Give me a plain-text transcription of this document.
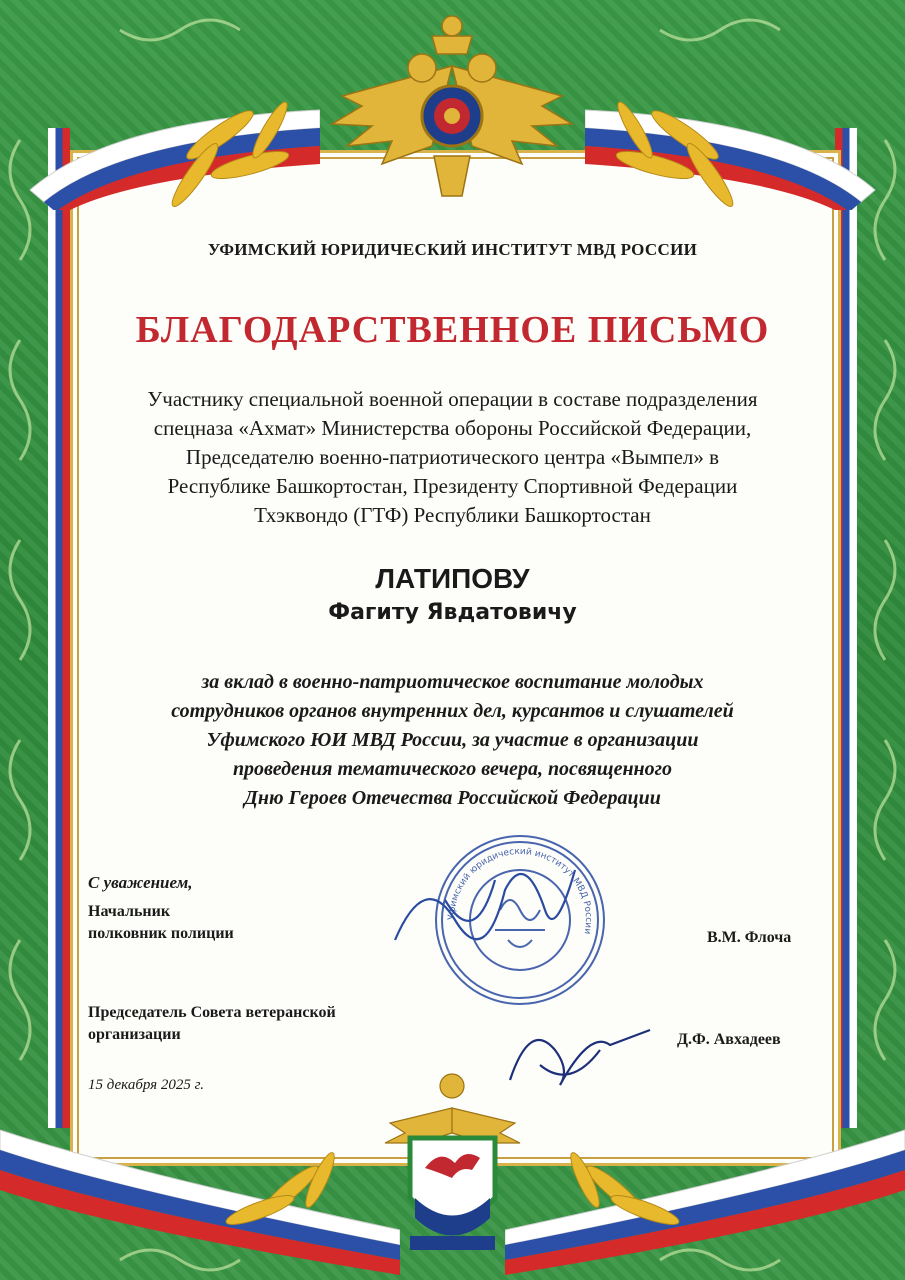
УФИМСКИЙ ЮРИДИЧЕСКИЙ ИНСТИТУТ МВД РОССИИ
БЛАГОДАРСТВЕННОЕ ПИСЬМО
Участнику специальной военной операции в составе подразделения
спецназа «Ахмат» Министерства обороны Российской Федерации,
Председателю военно-патриотического центра «Вымпел» в
Республике Башкортостан, Президенту Спортивной Федерации
Тхэквондо (ГТФ) Республики Башкортостан
ЛАТИПОВУ
Фагиту Явдатовичу
за вклад в военно-патриотическое воспитание молодых
сотрудников органов внутренних дел, курсантов и слушателей
Уфимского ЮИ МВД России, за участие в организации
проведения тематического вечера, посвященного
Дню Героев Отечества Российской Федерации
Уфимский юридический институт МВД России
С уважением,
Начальник
полковник полиции	В.М. Флоча
Председатель Совета ветеранской
организации	Д.Ф. Авхадеев
15 декабря 2025 г.
